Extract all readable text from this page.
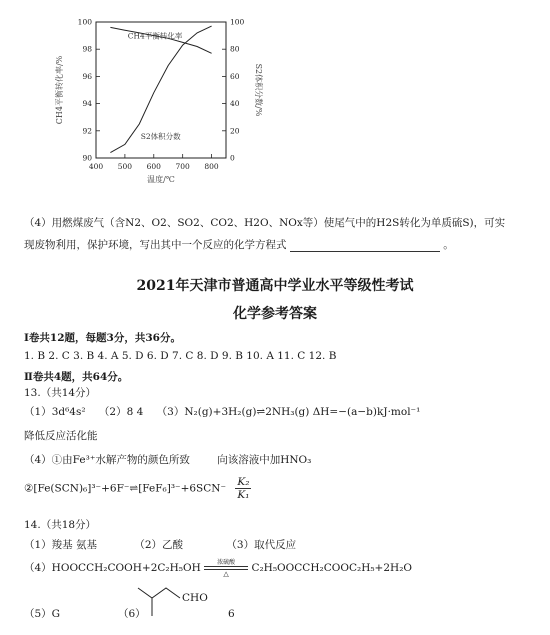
400 500 600 700 800
90
92
94
96
98
100
0
20
40
60
80
100
CH4平衡转化率
S2体积分数
温度/℃
CH4平衡转化率/%	S2体积分数/%
（4）用燃煤废气（含N2、O2、SO2、CO2、H2O、NOx等）使尾气中的H2S转化为单质硫S)，可实
现废物利用，保护环境，写出其中一个反应的化学方程式	。
2021年天津市普通高中学业水平等级性考试
化学参考答案
Ⅰ卷共12题，每题3分，共36分。
1. B 2. C 3. B 4. A 5. D 6. D 7. C 8. D 9. B 10. A 11. C 12. B
Ⅱ卷共4题，共64分。
13.（共14分）
（1）3d⁶4s² （2）8 4 （3）N₂(g)+3H₂(g)⇌2NH₃(g) ΔH=−(a−b)kJ·mol⁻¹
降低反应活化能
（4）①由Fe³⁺水解产物的颜色所致	向该溶液中加HNO₃
②[Fe(SCN)₆]³⁻+6F⁻⇌[FeF₆]³⁻+6SCN⁻ $\frac{\text{K₂}}{\text{K₁}}$
14.（共18分）
（1）羧基 氨基	（2）乙酸	（3）取代反应
（4）HOOCCH₂COOH+2C₂H₅OH	浓硫酸
△	C₂H₅OOCCH₂COOC₂H₅+2H₂O
（5）G	（6）
CHO
6
